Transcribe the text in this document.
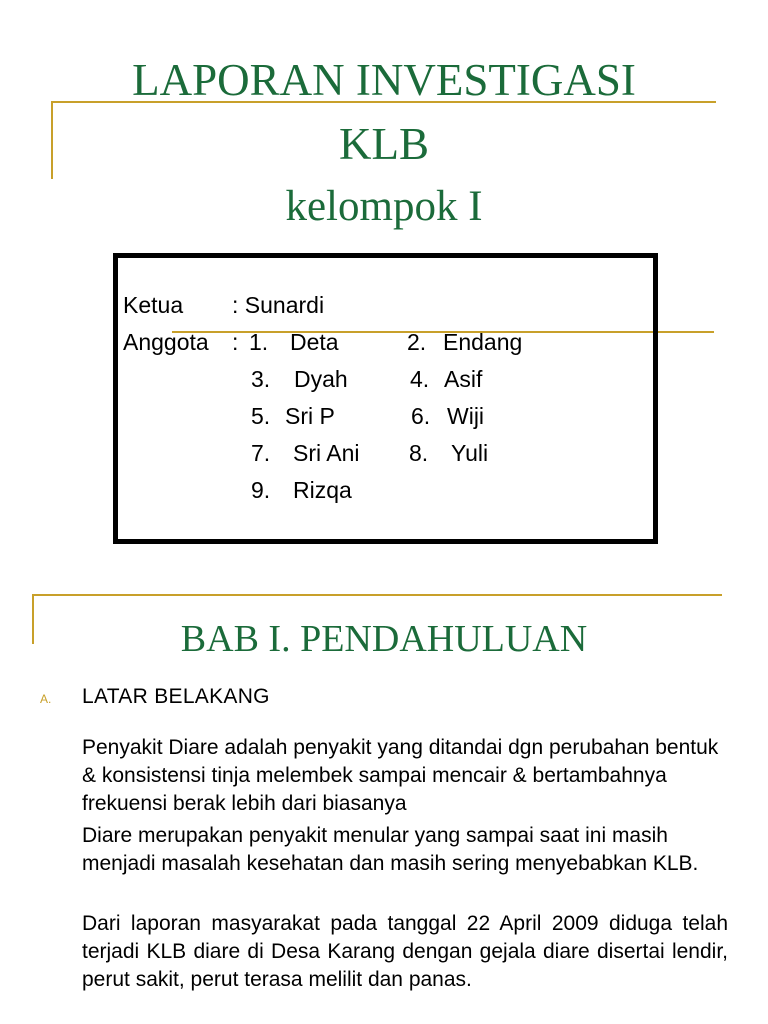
LAPORAN INVESTIGASI
KLB
kelompok I
Ketua : Sunardi
Anggota : 1. Deta	2. Endang
3. Dyah	4. Asif
5. Sri P	6. Wiji
7. Sri Ani 8. Yuli
9. Rizqa
BAB I. PENDAHULUAN
A. LATAR BELAKANG

Penyakit Diare adalah penyakit yang ditandai dgn perubahan bentuk & konsistensi tinja melembek sampai mencair & bertambahnya frekuensi berak lebih dari biasanya

Diare merupakan penyakit menular yang sampai saat ini masih menjadi masalah kesehatan dan masih sering menyebabkan KLB.

Dari laporan masyarakat pada tanggal 22 April 2009 diduga telah terjadi KLB diare di Desa Karang dengan gejala diare disertai lendir, perut sakit, perut terasa melilit dan panas.
